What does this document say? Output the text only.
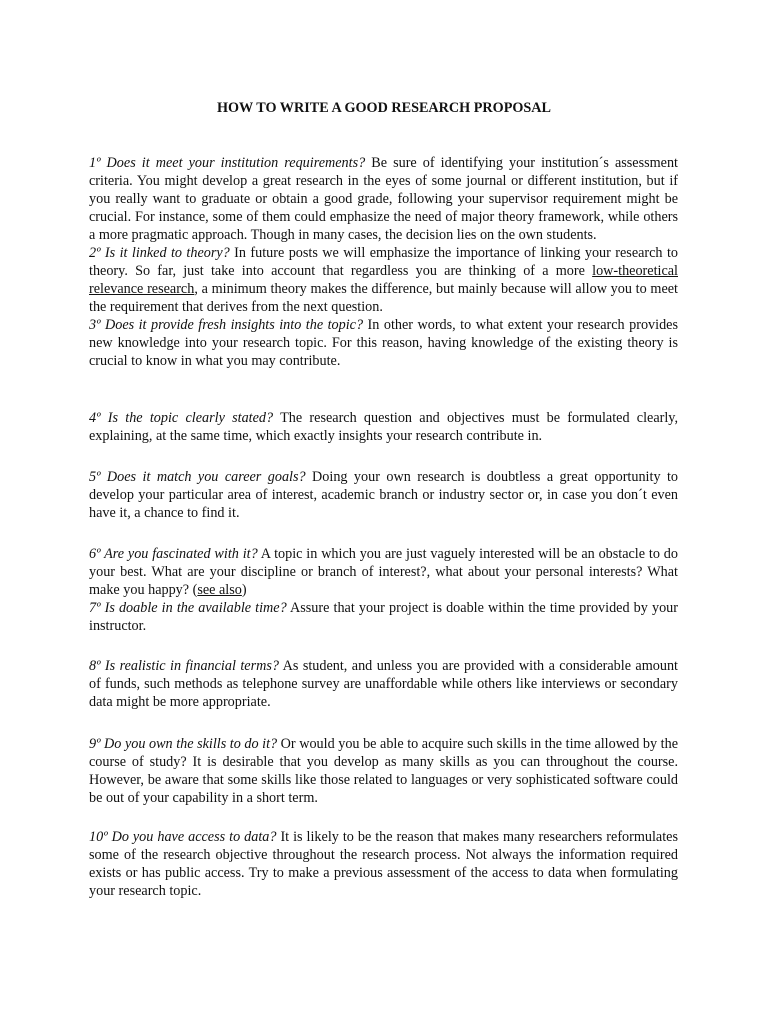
HOW TO WRITE A GOOD RESEARCH PROPOSAL

1º Does it meet your institution requirements? Be sure of identifying your institution´s assessment criteria. You might develop a great research in the eyes of some journal or different institution, but if you really want to graduate or obtain a good grade, following your supervisor requirement might be crucial. For instance, some of them could emphasize the need of major theory framework, while others a more pragmatic approach. Though in many cases, the decision lies on the own students.

2º Is it linked to theory? In future posts we will emphasize the importance of linking your research to theory. So far, just take into account that regardless you are thinking of a more low-theoretical relevance research, a minimum theory makes the difference, but mainly because will allow you to meet the requirement that derives from the next question.

3º Does it provide fresh insights into the topic? In other words, to what extent your research provides new knowledge into your research topic. For this reason, having knowledge of the existing theory is crucial to know in what you may contribute.

4º Is the topic clearly stated? The research question and objectives must be formulated clearly, explaining, at the same time, which exactly insights your research contribute in.

5º Does it match you career goals? Doing your own research is doubtless a great opportunity to develop your particular area of interest, academic branch or industry sector or, in case you don´t even have it, a chance to find it.

6º Are you fascinated with it? A topic in which you are just vaguely interested will be an obstacle to do your best. What are your discipline or branch of interest?, what about your personal interests? What make you happy? (see also)

7º Is doable in the available time? Assure that your project is doable within the time provided by your instructor.

8º Is realistic in financial terms? As student, and unless you are provided with a considerable amount of funds, such methods as telephone survey are unaffordable while others like interviews or secondary data might be more appropriate.

9º Do you own the skills to do it? Or would you be able to acquire such skills in the time allowed by the course of study? It is desirable that you develop as many skills as you can throughout the course. However, be aware that some skills like those related to languages or very sophisticated software could be out of your capability in a short term.

10º Do you have access to data? It is likely to be the reason that makes many researchers reformulates some of the research objective throughout the research process. Not always the information required exists or has public access. Try to make a previous assessment of the access to data when formulating your research topic.
